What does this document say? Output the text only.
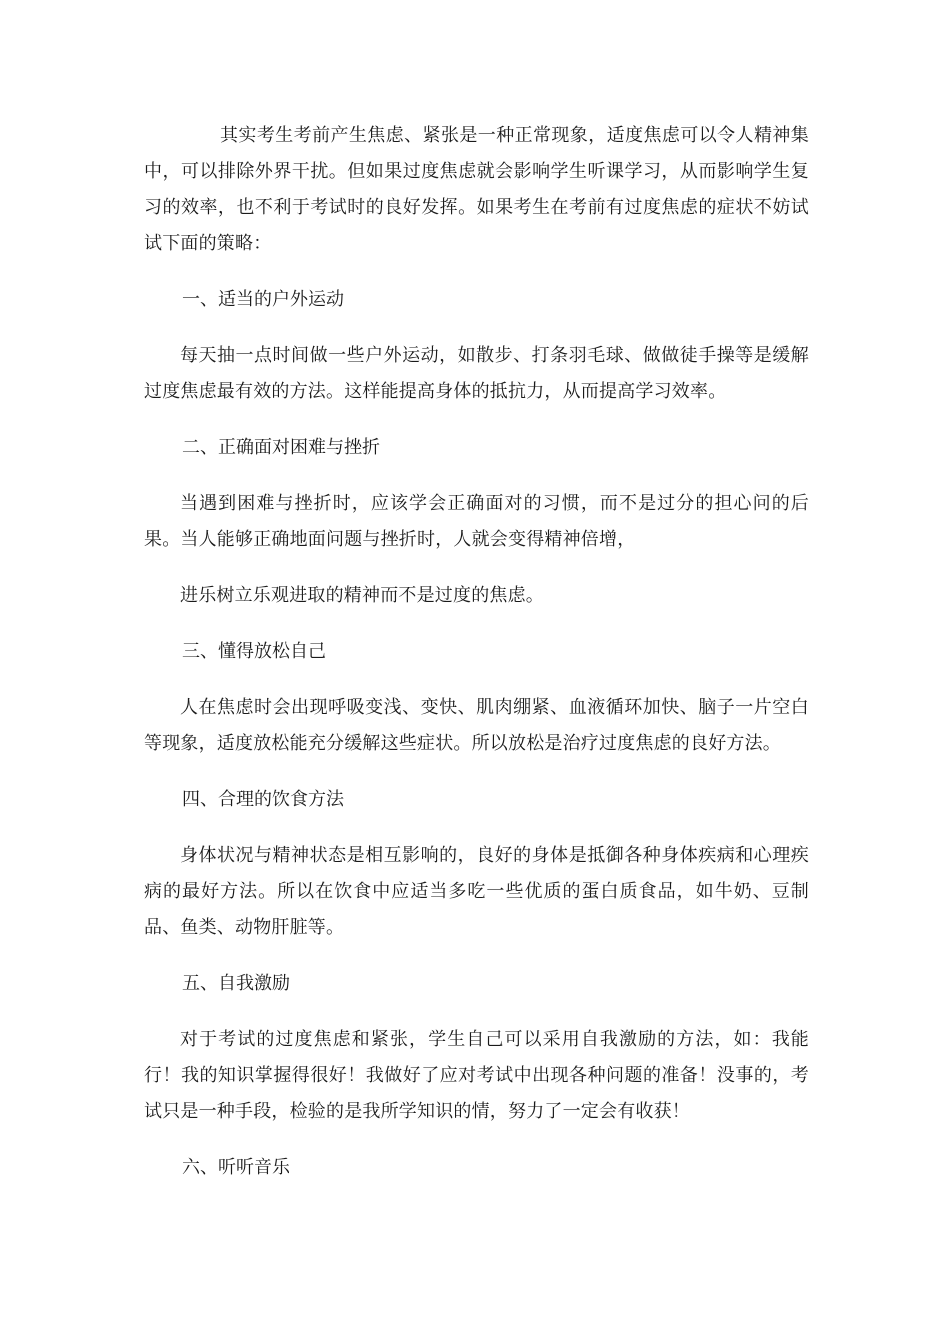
其实考生考前产生焦虑、紧张是一种正常现象，适度焦虑可以令人精神集中，可以排除外界干扰。但如果过度焦虑就会影响学生听课学习，从而影响学生复习的效率，也不利于考试时的良好发挥。如果考生在考前有过度焦虑的症状不妨试试下面的策略：

一、适当的户外运动

每天抽一点时间做一些户外运动，如散步、打条羽毛球、做做徒手操等是缓解过度焦虑最有效的方法。这样能提高身体的抵抗力，从而提高学习效率。

二、正确面对困难与挫折

当遇到困难与挫折时，应该学会正确面对的习惯，而不是过分的担心问的后果。当人能够正确地面问题与挫折时，人就会变得精神倍增，

进乐树立乐观进取的精神而不是过度的焦虑。

三、懂得放松自己

人在焦虑时会出现呼吸变浅、变快、肌肉绷紧、血液循环加快、脑子一片空白等现象，适度放松能充分缓解这些症状。所以放松是治疗过度焦虑的良好方法。

四、合理的饮食方法

身体状况与精神状态是相互影响的，良好的身体是抵御各种身体疾病和心理疾病的最好方法。所以在饮食中应适当多吃一些优质的蛋白质食品，如牛奶、豆制品、鱼类、动物肝脏等。

五、自我激励

对于考试的过度焦虑和紧张，学生自己可以采用自我激励的方法，如：我能行！我的知识掌握得很好！我做好了应对考试中出现各种问题的准备！没事的，考试只是一种手段，检验的是我所学知识的情，努力了一定会有收获！

六、听听音乐
